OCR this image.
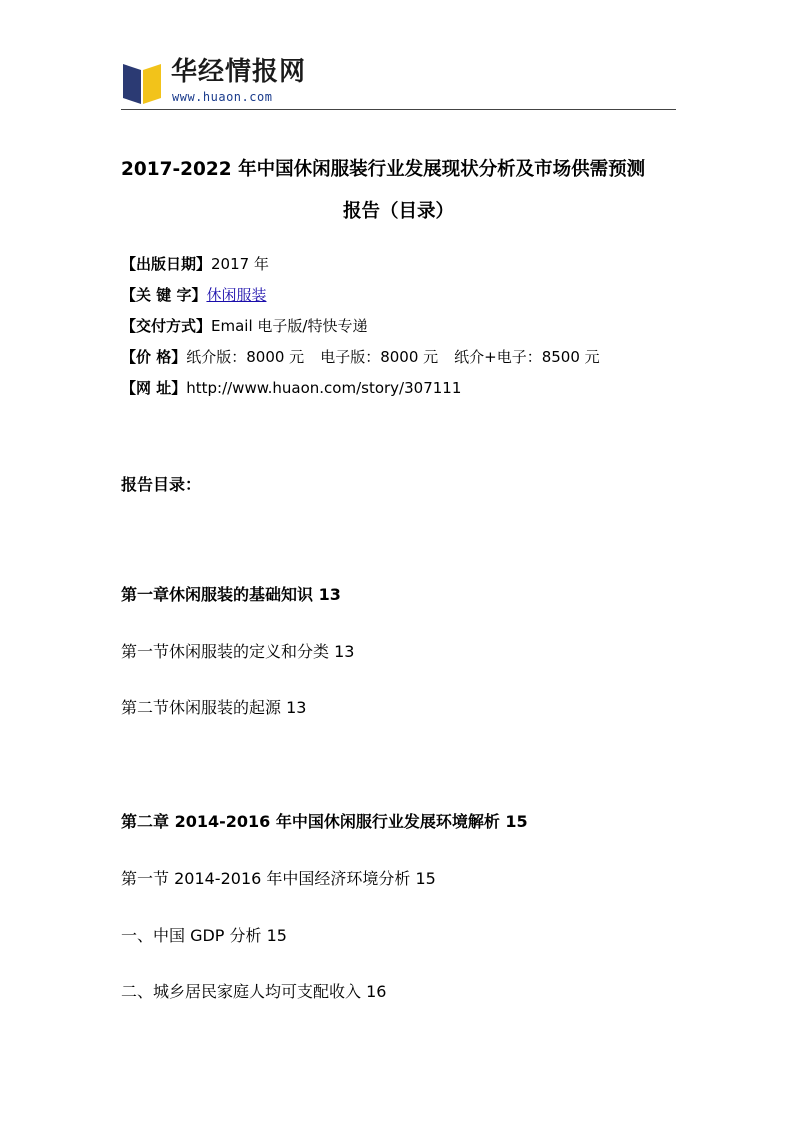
华经情报网
www.huaon.com
2017-2022 年中国休闲服装行业发展现状分析及市场供需预测
报告（目录）
【出版日期】2017 年
【关 键 字】休闲服装
【交付方式】Email 电子版/特快专递
【价 格】纸介版：8000 元 电子版：8000 元 纸介+电子：8500 元
【网 址】http://www.huaon.com/story/307111
报告目录：
第一章休闲服装的基础知识 13
第一节休闲服装的定义和分类 13
第二节休闲服装的起源 13
第二章 2014-2016 年中国休闲服行业发展环境解析 15
第一节 2014-2016 年中国经济环境分析 15
一、中国 GDP 分析 15
二、城乡居民家庭人均可支配收入 16
